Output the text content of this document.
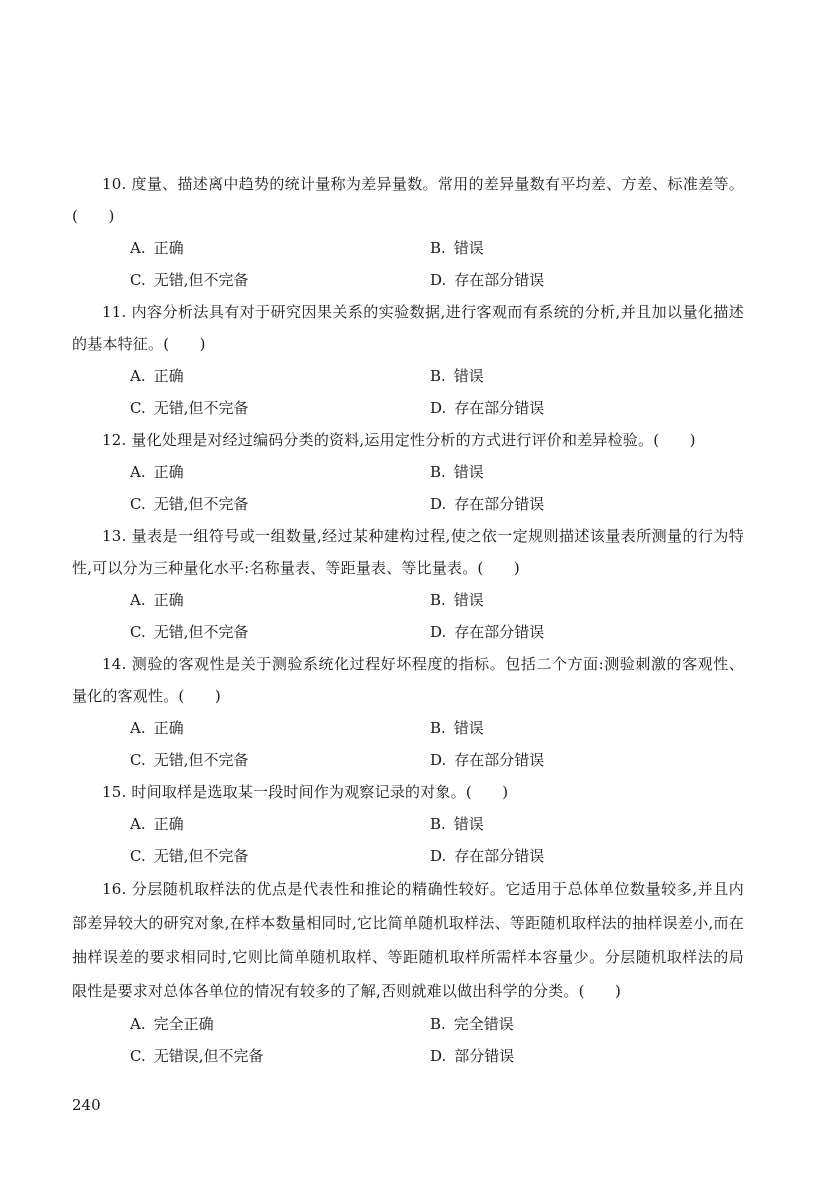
10. 度量、描述离中趋势的统计量称为差异量数。常用的差异量数有平均差、方差、标准差等。(　　)

A. 正确	B. 错误
C. 无错,但不完备	D. 存在部分错误

11. 内容分析法具有对于研究因果关系的实验数据,进行客观而有系统的分析,并且加以量化描述的基本特征。(　　)

A. 正确	B. 错误
C. 无错,但不完备	D. 存在部分错误

12. 量化处理是对经过编码分类的资料,运用定性分析的方式进行评价和差异检验。(　　)

A. 正确	B. 错误
C. 无错,但不完备	D. 存在部分错误

13. 量表是一组符号或一组数量,经过某种建构过程,使之依一定规则描述该量表所测量的行为特性,可以分为三种量化水平:名称量表、等距量表、等比量表。(　　)

A. 正确	B. 错误
C. 无错,但不完备	D. 存在部分错误

14. 测验的客观性是关于测验系统化过程好坏程度的指标。包括二个方面:测验刺激的客观性、量化的客观性。(　　)

A. 正确	B. 错误
C. 无错,但不完备	D. 存在部分错误

15. 时间取样是选取某一段时间作为观察记录的对象。(　　)

A. 正确	B. 错误
C. 无错,但不完备	D. 存在部分错误

16. 分层随机取样法的优点是代表性和推论的精确性较好。它适用于总体单位数量较多,并且内部差异较大的研究对象,在样本数量相同时,它比简单随机取样法、等距随机取样法的抽样误差小,而在抽样误差的要求相同时,它则比简单随机取样、等距随机取样所需样本容量少。分层随机取样法的局限性是要求对总体各单位的情况有较多的了解,否则就难以做出科学的分类。(　　)

A. 完全正确	B. 完全错误
C. 无错误,但不完备	D. 部分错误
240
